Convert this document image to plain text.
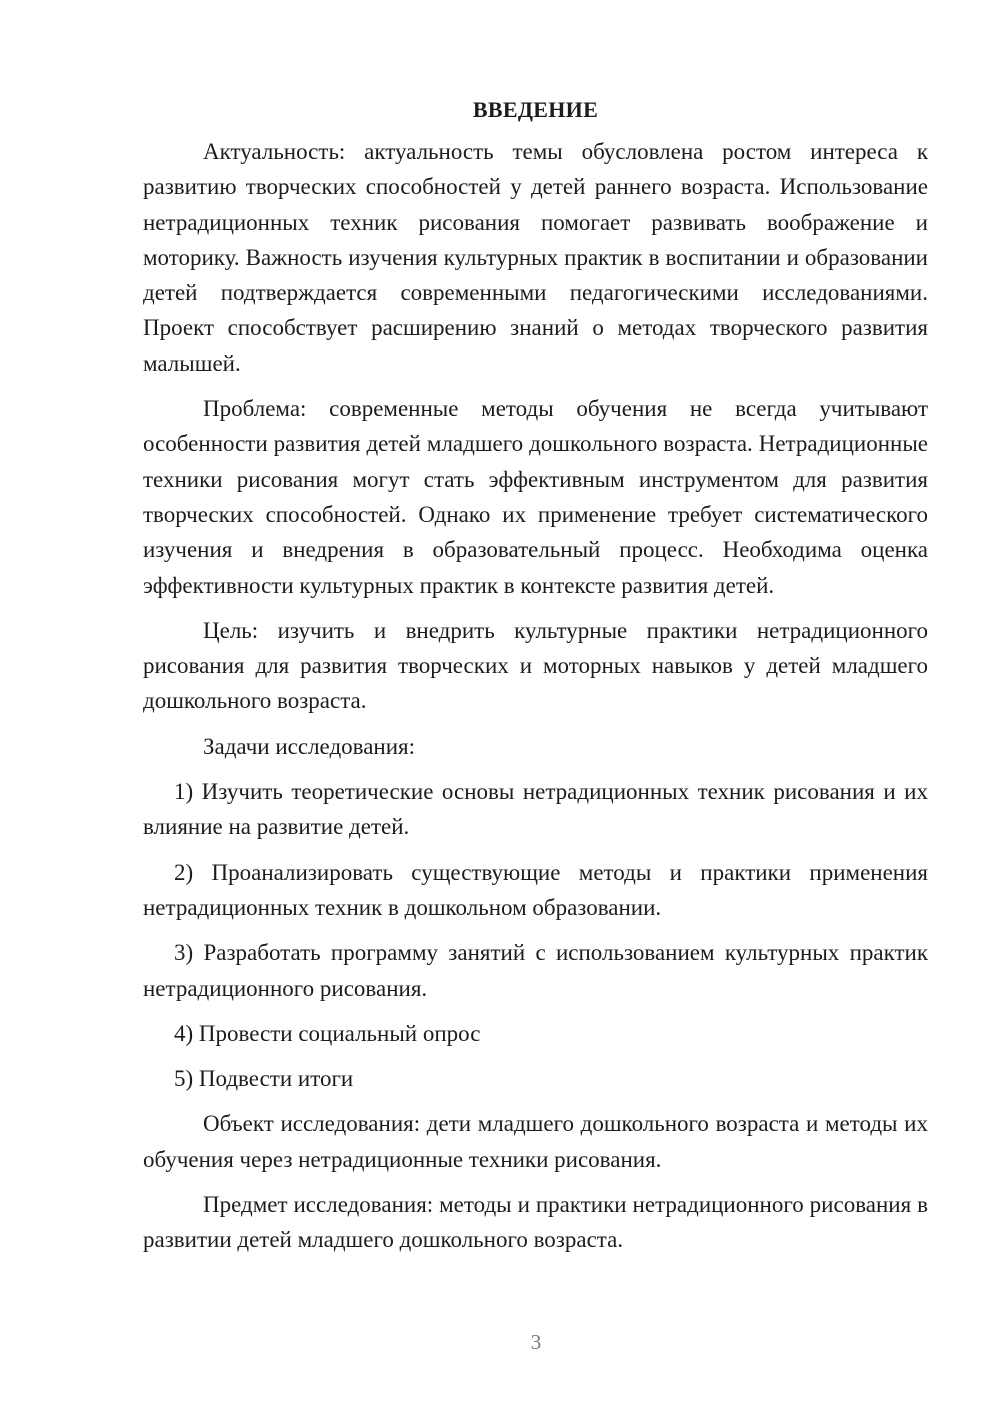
ВВЕДЕНИЕ

Актуальность: актуальность темы обусловлена ростом интереса к развитию творческих способностей у детей раннего возраста. Использование нетрадиционных техник рисования помогает развивать воображение и моторику. Важность изучения культурных практик в воспитании и образовании детей подтверждается современными педагогическими исследованиями. Проект способствует расширению знаний о методах творческого развития малышей.

Проблема: современные методы обучения не всегда учитывают особенности развития детей младшего дошкольного возраста. Нетрадиционные техники рисования могут стать эффективным инструментом для развития творческих способностей. Однако их применение требует систематического изучения и внедрения в образовательный процесс. Необходима оценка эффективности культурных практик в контексте развития детей.

Цель: изучить и внедрить культурные практики нетрадиционного рисования для развития творческих и моторных навыков у детей младшего дошкольного возраста.

Задачи исследования:

1) Изучить теоретические основы нетрадиционных техник рисования и их влияние на развитие детей.

2) Проанализировать существующие методы и практики применения нетрадиционных техник в дошкольном образовании.

3) Разработать программу занятий с использованием культурных практик нетрадиционного рисования.

4) Провести социальный опрос

5) Подвести итоги

Объект исследования: дети младшего дошкольного возраста и методы их обучения через нетрадиционные техники рисования.

Предмет исследования: методы и практики нетрадиционного рисования в развитии детей младшего дошкольного возраста.

3
